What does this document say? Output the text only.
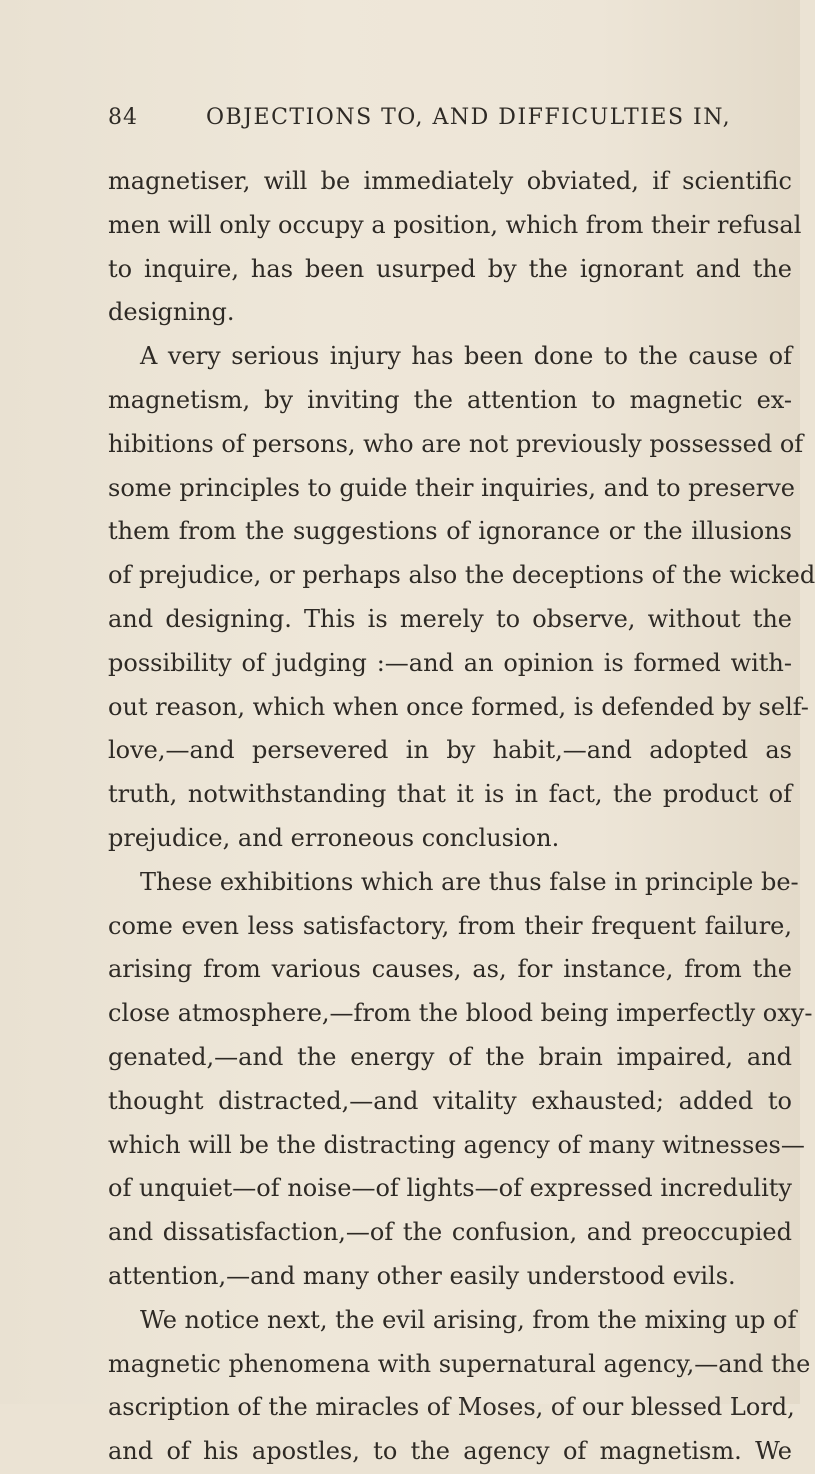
84	OBJECTIONS TO, AND DIFFICULTIES IN,
magnetiser, will be immediately obviated, if scientific
men will only occupy a position, which from their refusal
to inquire, has been usurped by the ignorant and the
designing.
A very serious injury has been done to the cause of
magnetism, by inviting the attention to magnetic ex-
hibitions of persons, who are not previously possessed of
some principles to guide their inquiries, and to preserve
them from the suggestions of ignorance or the illusions
of prejudice, or perhaps also the deceptions of the wicked
and designing. This is merely to observe, without the
possibility of judging :—and an opinion is formed with-
out reason, which when once formed, is defended by self-
love,—and persevered in by habit,—and adopted as
truth, notwithstanding that it is in fact, the product of
prejudice, and erroneous conclusion.
These exhibitions which are thus false in principle be-
come even less satisfactory, from their frequent failure,
arising from various causes, as, for instance, from the
close atmosphere,—from the blood being imperfectly oxy-
genated,—and the energy of the brain impaired, and
thought distracted,—and vitality exhausted; added to
which will be the distracting agency of many witnesses—
of unquiet—of noise—of lights—of expressed incredulity
and dissatisfaction,—of the confusion, and preoccupied
attention,—and many other easily understood evils.
We notice next, the evil arising, from the mixing up of
magnetic phenomena with supernatural agency,—and the
ascription of the miracles of Moses, of our blessed Lord,
and of his apostles, to the agency of magnetism. We
